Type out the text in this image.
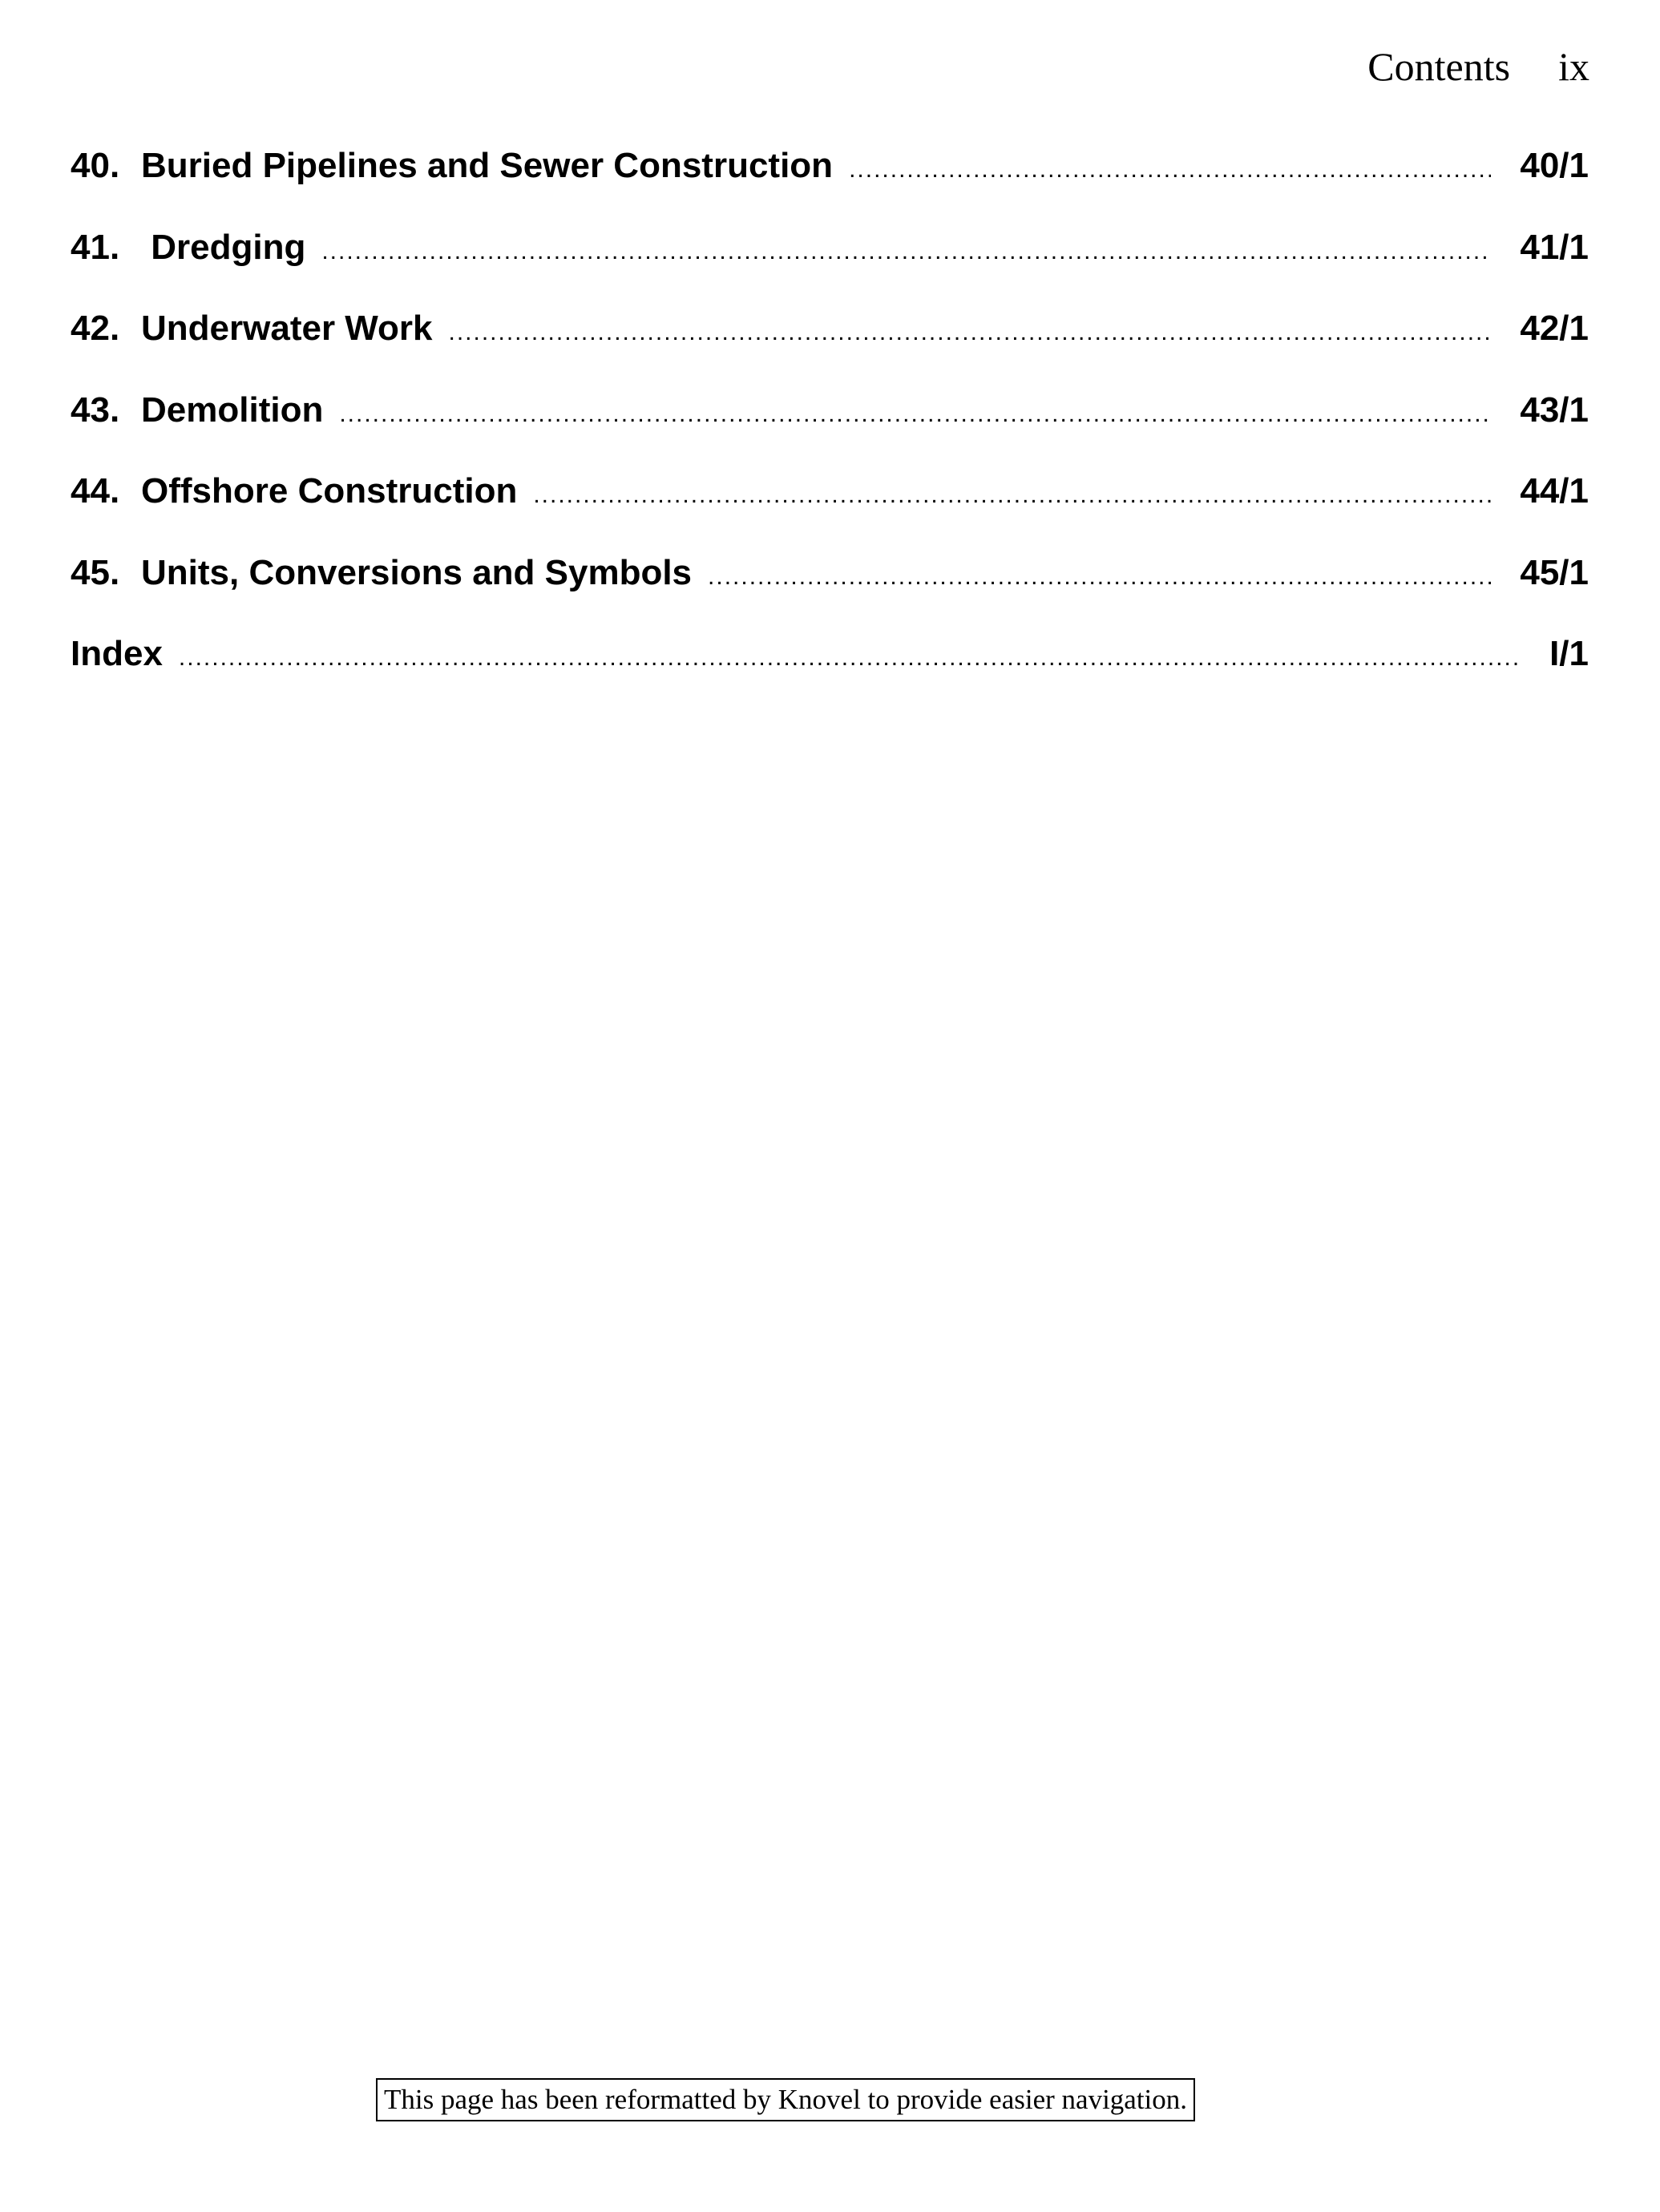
Contents ix
40. Buried Pipelines and Sewer Construction .....	40/1
41. Dredging .....	41/1
42. Underwater Work .....	42/1
43. Demolition .....	43/1
44. Offshore Construction .....	44/1
45. Units, Conversions and Symbols .....	45/1
Index .....	I/1
This page has been reformatted by Knovel to provide easier navigation.
